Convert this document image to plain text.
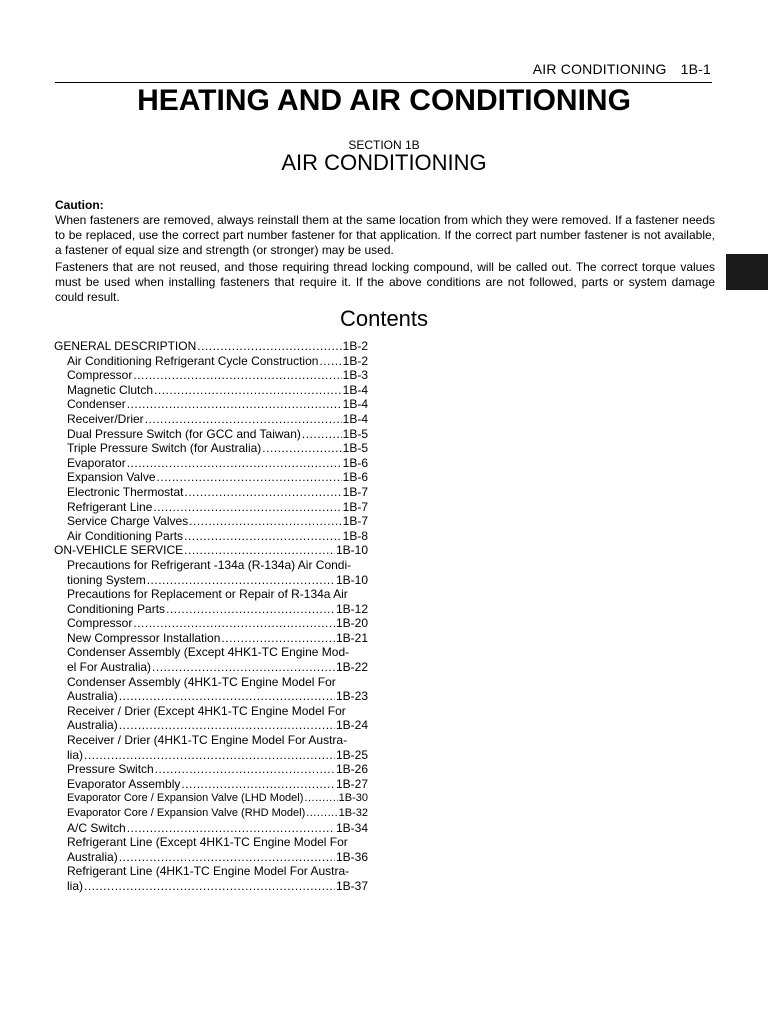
AIR CONDITIONING 1B-1
HEATING AND AIR CONDITIONING
SECTION 1B
AIR CONDITIONING
Caution:

When fasteners are removed, always reinstall them at the same location from which they were removed. If a fastener needs to be replaced, use the correct part number fastener for that application. If the correct part number fastener is not available, a fastener of equal size and strength (or stronger) may be used.

Fasteners that are not reused, and those requiring thread locking compound, will be called out. The correct torque values must be used when installing fasteners that require it. If the above conditions are not followed, parts or system damage could result.

Contents
GENERAL DESCRIPTION .....	1B-2
Air Conditioning Refrigerant Cycle Construction ..... 1B-2
Compressor .....	1B-3
Magnetic Clutch .....	1B-4
Condenser .....	1B-4
Receiver/Drier .....	1B-4
Dual Pressure Switch (for GCC and Taiwan) .....	1B-5
Triple Pressure Switch (for Australia) .....	1B-5
Evaporator .....	1B-6
Expansion Valve .....	1B-6
Electronic Thermostat .....	1B-7
Refrigerant Line .....	1B-7
Service Charge Valves .....	1B-7
Air Conditioning Parts .....	1B-8
ON-VEHICLE SERVICE .....	1B-10
Precautions for Refrigerant -134a (R-134a) Air Condi-
tioning System .....	1B-10
Precautions for Replacement or Repair of R-134a Air
Conditioning Parts .....	1B-12
Compressor .....	1B-20
New Compressor Installation .....	1B-21
Condenser Assembly (Except 4HK1-TC Engine Mod-
el For Australia) .....	1B-22
Condenser Assembly (4HK1-TC Engine Model For
Australia) .....	1B-23
Receiver / Drier (Except 4HK1-TC Engine Model For
Australia) .....	1B-24
Receiver / Drier (4HK1-TC Engine Model For Austra-
lia) .....	1B-25
Pressure Switch .....	1B-26
Evaporator Assembly .....	1B-27
Evaporator Core / Expansion Valve (LHD Model) .....	1B-30
Evaporator Core / Expansion Valve (RHD Model) .....	1B-32
A/C Switch .....	1B-34
Refrigerant Line (Except 4HK1-TC Engine Model For
Australia) .....	1B-36
Refrigerant Line (4HK1-TC Engine Model For Austra-
lia) .....	1B-37
